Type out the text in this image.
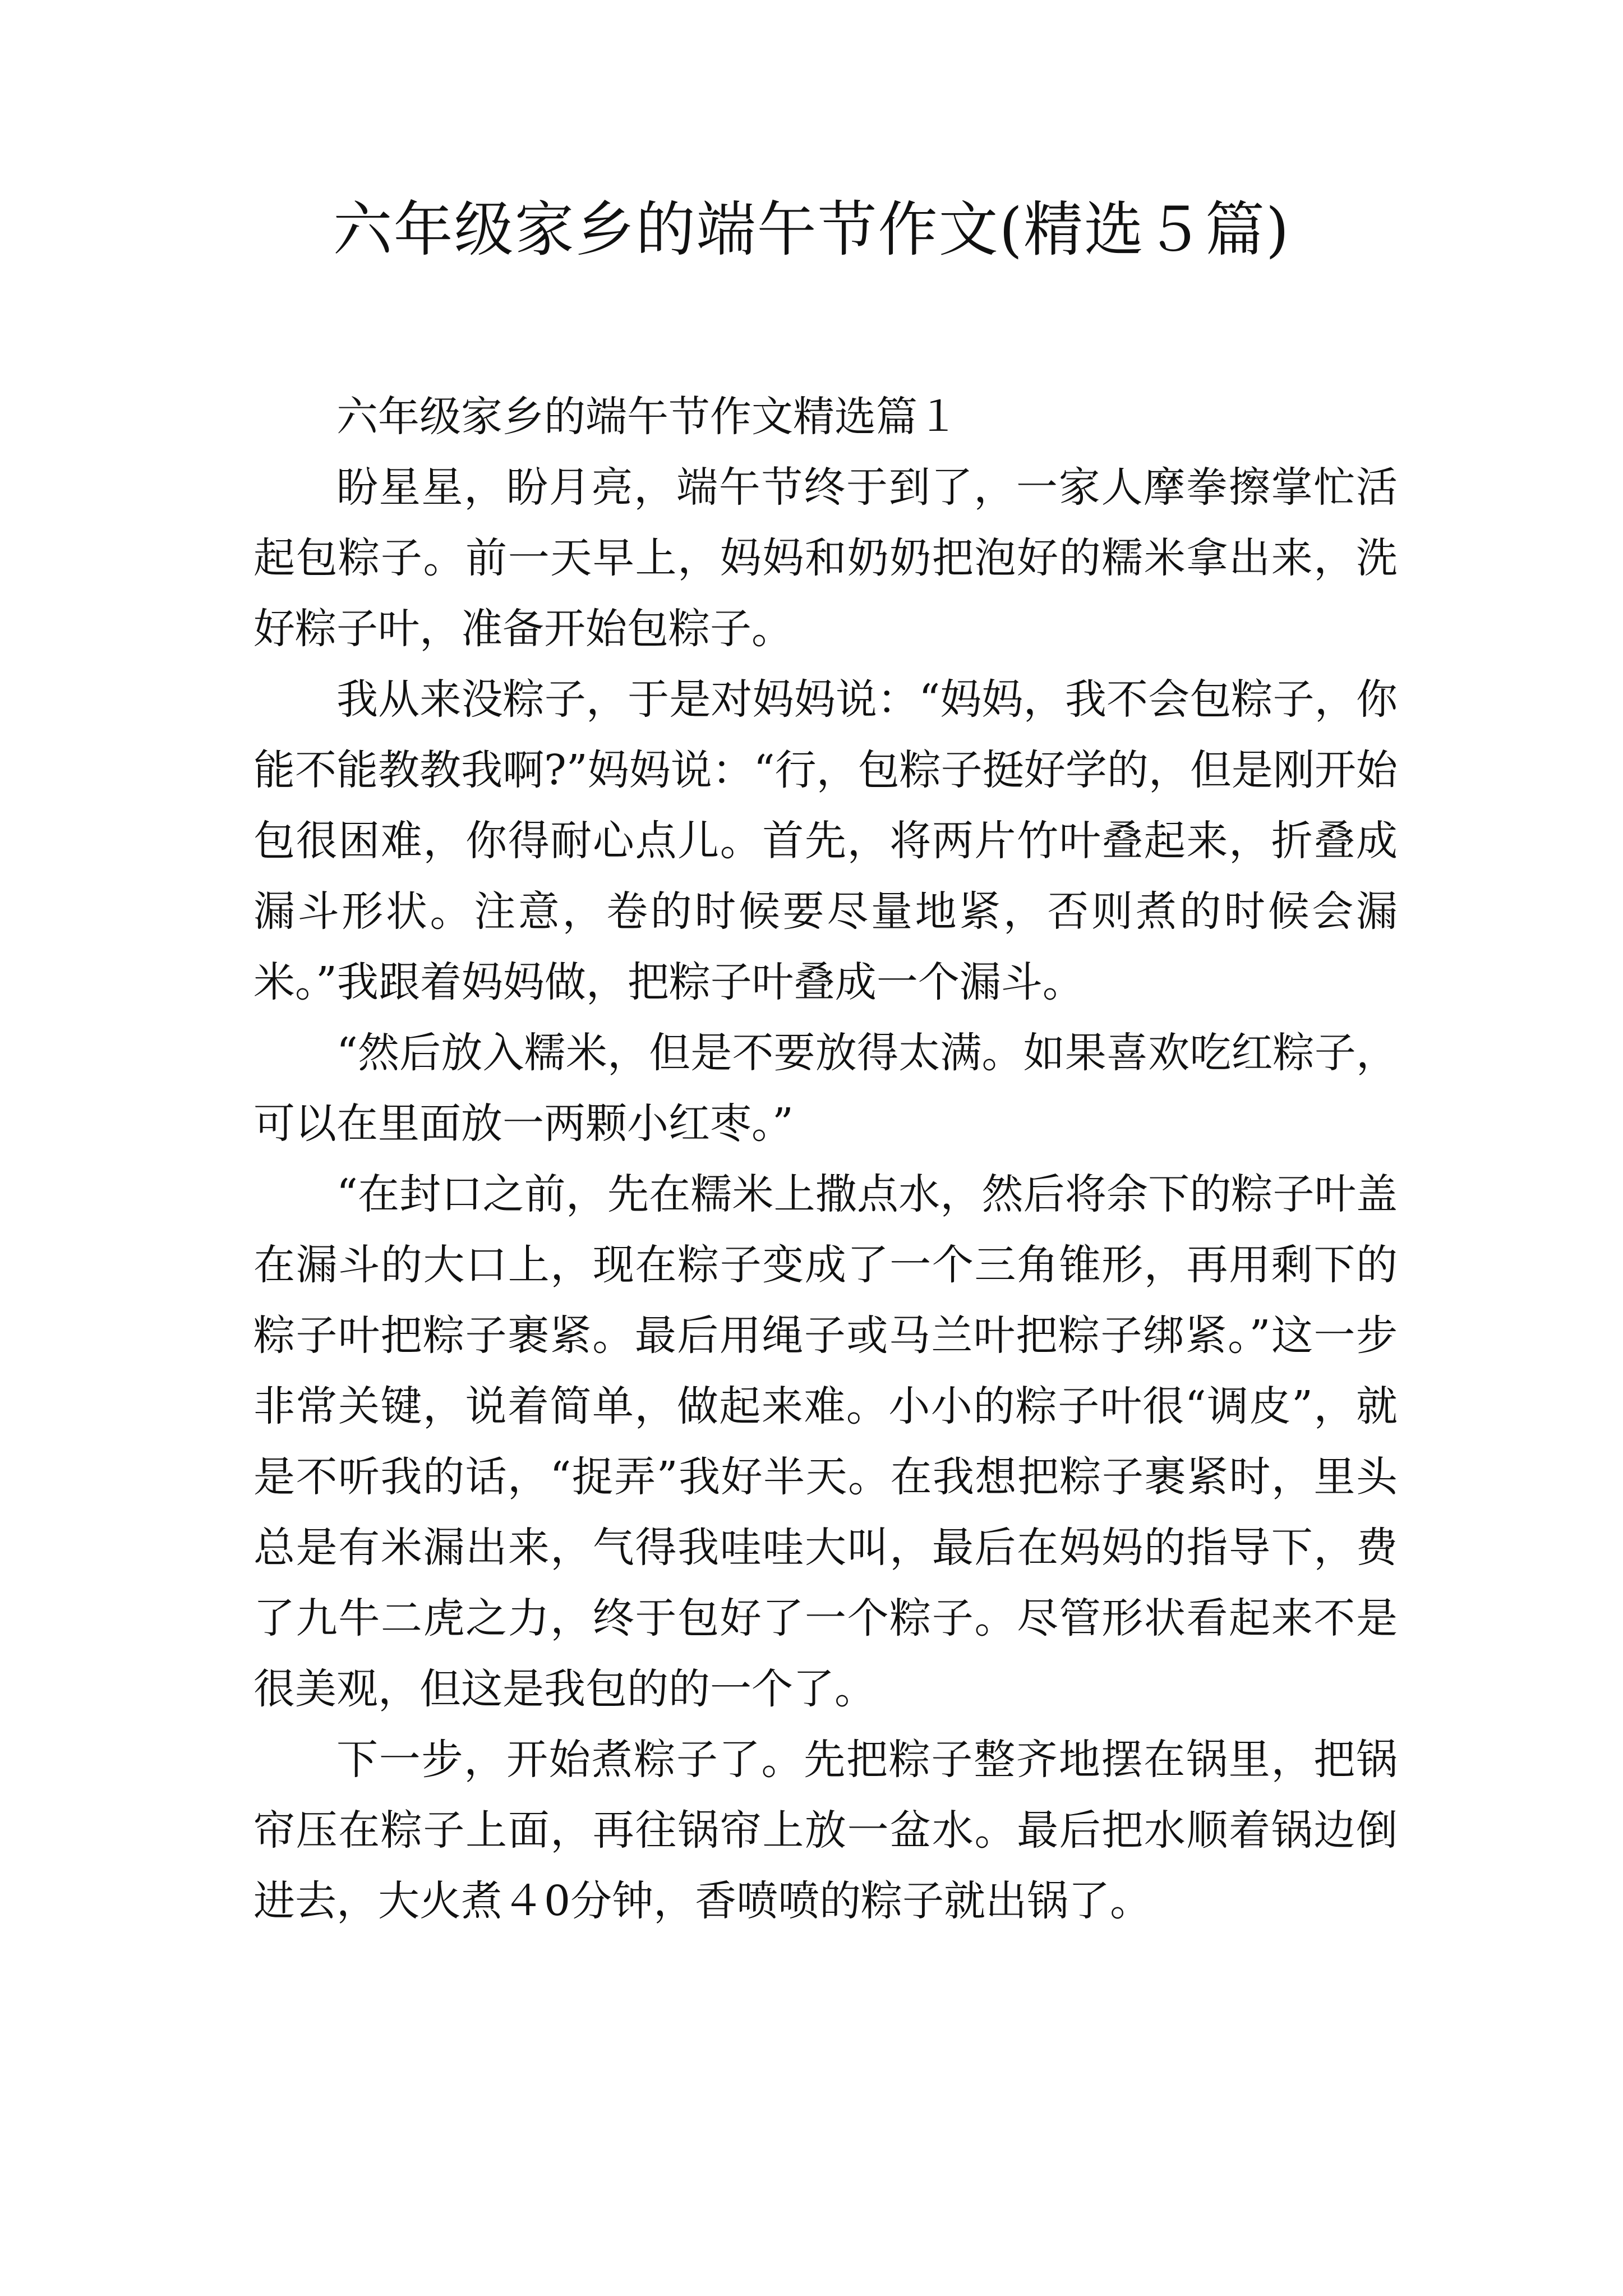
六年级家乡的端午节作文(精选５篇)

六年级家乡的端午节作文精选篇１

盼星星，盼月亮，端午节终于到了，一家人摩拳擦掌忙活起包粽子。前一天早上，妈妈和奶奶把泡好的糯米拿出来，洗好粽子叶，准备开始包粽子。

我从来没粽子，于是对妈妈说：“妈妈，我不会包粽子，你能不能教教我啊?”妈妈说：“行，包粽子挺好学的，但是刚开始包很困难，你得耐心点儿。首先，将两片竹叶叠起来，折叠成漏斗形状。注意，卷的时候要尽量地紧，否则煮的时候会漏米。”我跟着妈妈做，把粽子叶叠成一个漏斗。

“然后放入糯米，但是不要放得太满。如果喜欢吃红粽子，可以在里面放一两颗小红枣。”

“在封口之前，先在糯米上撒点水，然后将余下的粽子叶盖在漏斗的大口上，现在粽子变成了一个三角锥形，再用剩下的粽子叶把粽子裹紧。最后用绳子或马兰叶把粽子绑紧。”这一步非常关键，说着简单，做起来难。小小的粽子叶很“调皮”，就是不听我的话，“捉弄”我好半天。在我想把粽子裹紧时，里头总是有米漏出来，气得我哇哇大叫，最后在妈妈的指导下，费了九牛二虎之力，终于包好了一个粽子。尽管形状看起来不是很美观，但这是我包的的一个了。

下一步，开始煮粽子了。先把粽子整齐地摆在锅里，把锅帘压在粽子上面，再往锅帘上放一盆水。最后把水顺着锅边倒进去，大火煮４0分钟，香喷喷的粽子就出锅了。
